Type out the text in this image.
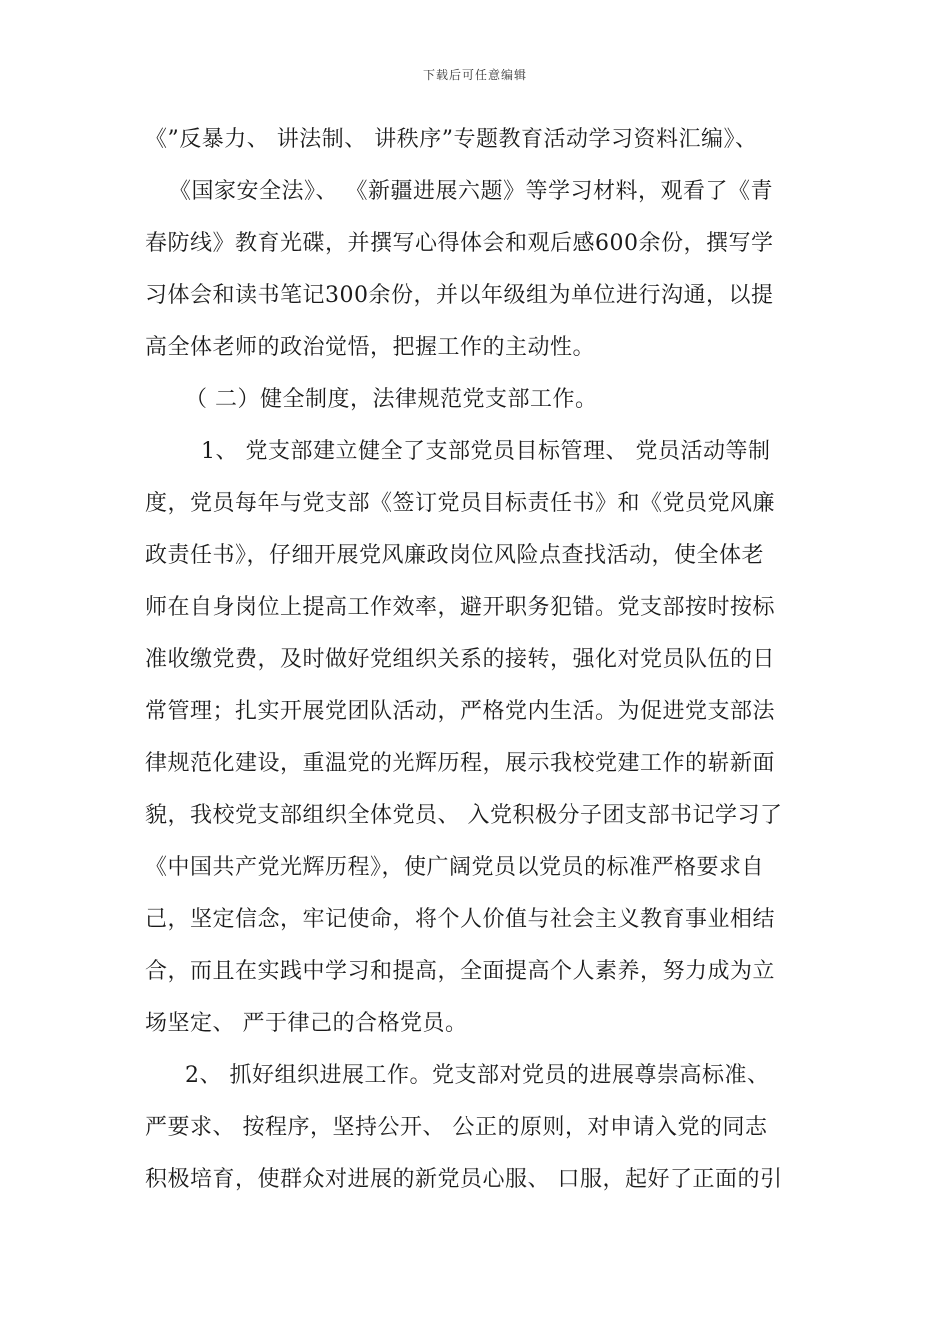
下载后可任意编辑
《”反暴力、 讲法制、 讲秩序”专题教育活动学习资料汇编》、
《国家安全法》、 《新疆进展六题》等学习材料，观看了《青
春防线》教育光碟，并撰写心得体会和观后感600余份，撰写学
习体会和读书笔记300余份，并以年级组为单位进行沟通，以提
高全体老师的政治觉悟，把握工作的主动性。
（ 二）健全制度，法律规范党支部工作。
1、 党支部建立健全了支部党员目标管理、 党员活动等制
度，党员每年与党支部《签订党员目标责任书》和《党员党风廉
政责任书》，仔细开展党风廉政岗位风险点查找活动，使全体老
师在自身岗位上提高工作效率，避开职务犯错。党支部按时按标
准收缴党费，及时做好党组织关系的接转，强化对党员队伍的日
常管理；扎实开展党团队活动，严格党内生活。为促进党支部法
律规范化建设，重温党的光辉历程，展示我校党建工作的崭新面
貌，我校党支部组织全体党员、 入党积极分子团支部书记学习了
《中国共产党光辉历程》，使广阔党员以党员的标准严格要求自
己，坚定信念，牢记使命，将个人价值与社会主义教育事业相结
合，而且在实践中学习和提高，全面提高个人素养，努力成为立
场坚定、 严于律己的合格党员。
2、 抓好组织进展工作。党支部对党员的进展尊崇高标准、
严要求、 按程序，坚持公开、 公正的原则，对申请入党的同志
积极培育，使群众对进展的新党员心服、 口服，起好了正面的引
